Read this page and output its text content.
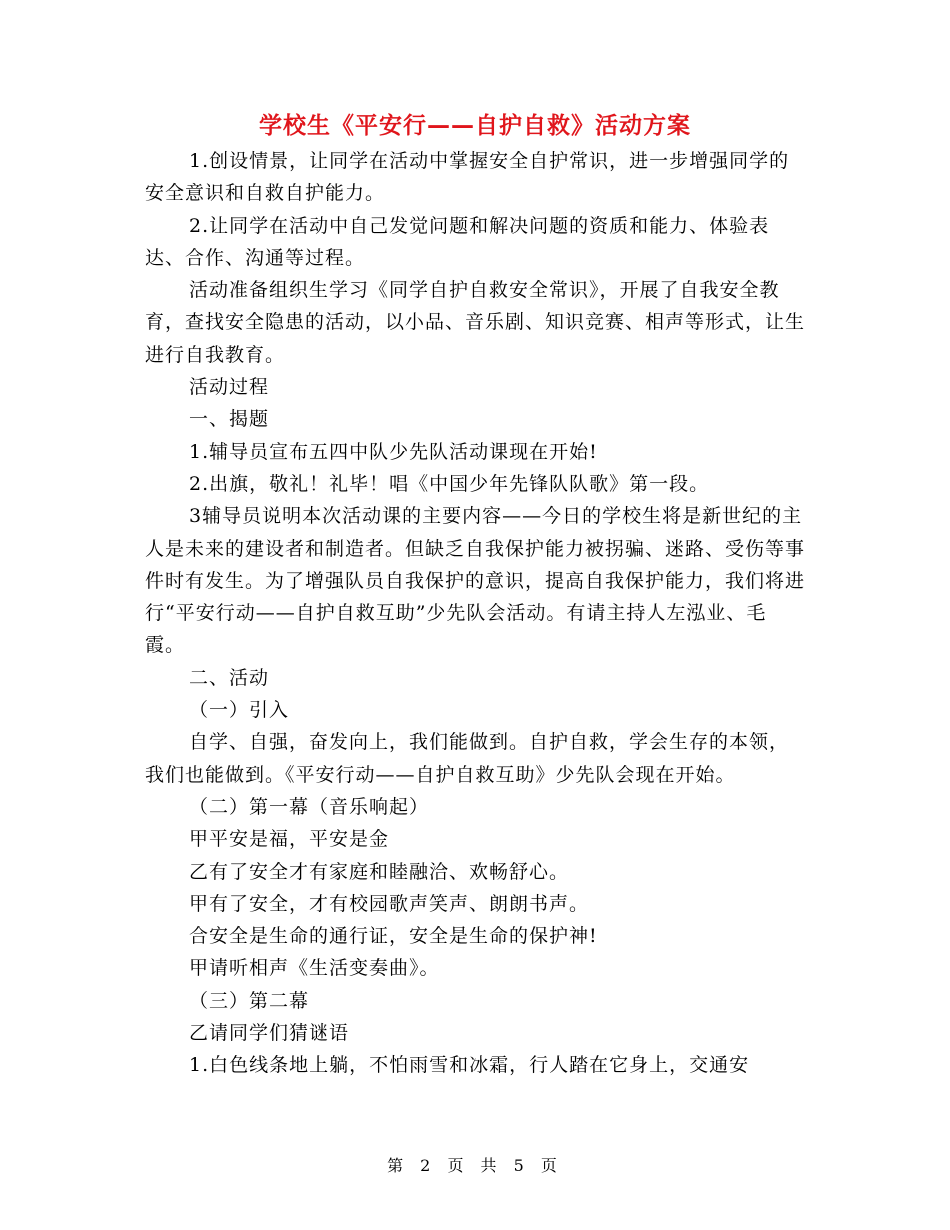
学校生《平安行——自护自救》活动方案

1.创设情景，让同学在活动中掌握安全自护常识，进一步增强同学的安全意识和自救自护能力。

2.让同学在活动中自己发觉问题和解决问题的资质和能力、体验表达、合作、沟通等过程。

活动准备组织生学习《同学自护自救安全常识》，开展了自我安全教育，查找安全隐患的活动，以小品、音乐剧、知识竞赛、相声等形式，让生进行自我教育。

活动过程

一、揭题

1.辅导员宣布五四中队少先队活动课现在开始!

2.出旗，敬礼！礼毕！唱《中国少年先锋队队歌》第一段。

3辅导员说明本次活动课的主要内容——今日的学校生将是新世纪的主人是未来的建设者和制造者。但缺乏自我保护能力被拐骗、迷路、受伤等事件时有发生。为了增强队员自我保护的意识，提高自我保护能力，我们将进行“平安行动——自护自救互助”少先队会活动。有请主持人左泓业、毛霞。

二、活动

（一）引入

自学、自强，奋发向上，我们能做到。自护自救，学会生存的本领，我们也能做到。《平安行动——自护自救互助》少先队会现在开始。

（二）第一幕（音乐响起）

甲平安是福，平安是金

乙有了安全才有家庭和睦融洽、欢畅舒心。

甲有了安全，才有校园歌声笑声、朗朗书声。

合安全是生命的通行证，安全是生命的保护神!

甲请听相声《生活变奏曲》。

（三）第二幕

乙请同学们猜谜语

1.白色线条地上躺，不怕雨雪和冰霜，行人踏在它身上，交通安

第 2 页 共 5 页
